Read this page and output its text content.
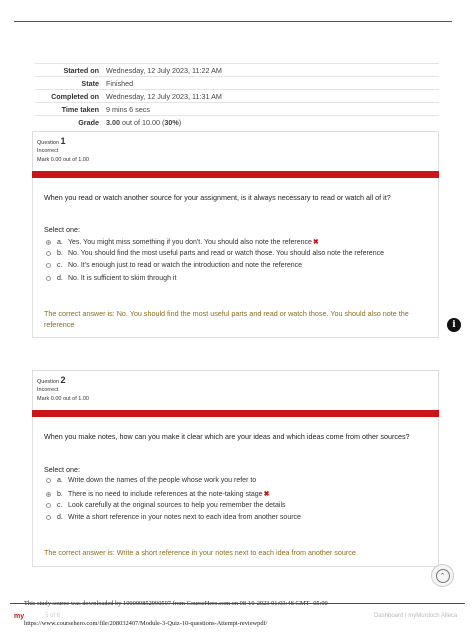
Started on Wednesday, 12 July 2023, 11:22 AM
State Finished
Completed on Wednesday, 12 July 2023, 11:31 AM
Time taken 9 mins 6 secs
Grade 3.00 out of 10.00 (30%)
Question 1
Incorrect
Mark 0.00 out of 1.00
When you read or watch another source for your assignment, is it always necessary to read or watch all of it?
Select one:
a. Yes. You might miss something if you don't. You should also note the reference ✖
b. No. You should find the most useful parts and read or watch those. You should also note the reference
c. No. It's enough just to read or watch the introduction and note the reference
d. No. It is sufficient to skim through it
The correct answer is: No. You should find the most useful parts and read or watch those. You should also note the
reference	i
Question 2
Incorrect
Mark 0.00 out of 1.00
When you make notes, how can you make it clear which are your ideas and which ideas come from other sources?
Select one:
a. Write down the names of the people whose work you refer to
b. There is no need to include references at the note-taking stage ✖
c. Look carefully at the original sources to help you remember the details
d. Write a short reference in your notes next to each idea from another source
The correct answer is: Write a short reference in your notes next to each idea from another source
⌃
my	5 of 6	Dashboard | myMurdoch Alleca
https://www.coursehero.com/file/208032407/Module-3-Quiz-10-questions-Attempt-reviewpdf/
